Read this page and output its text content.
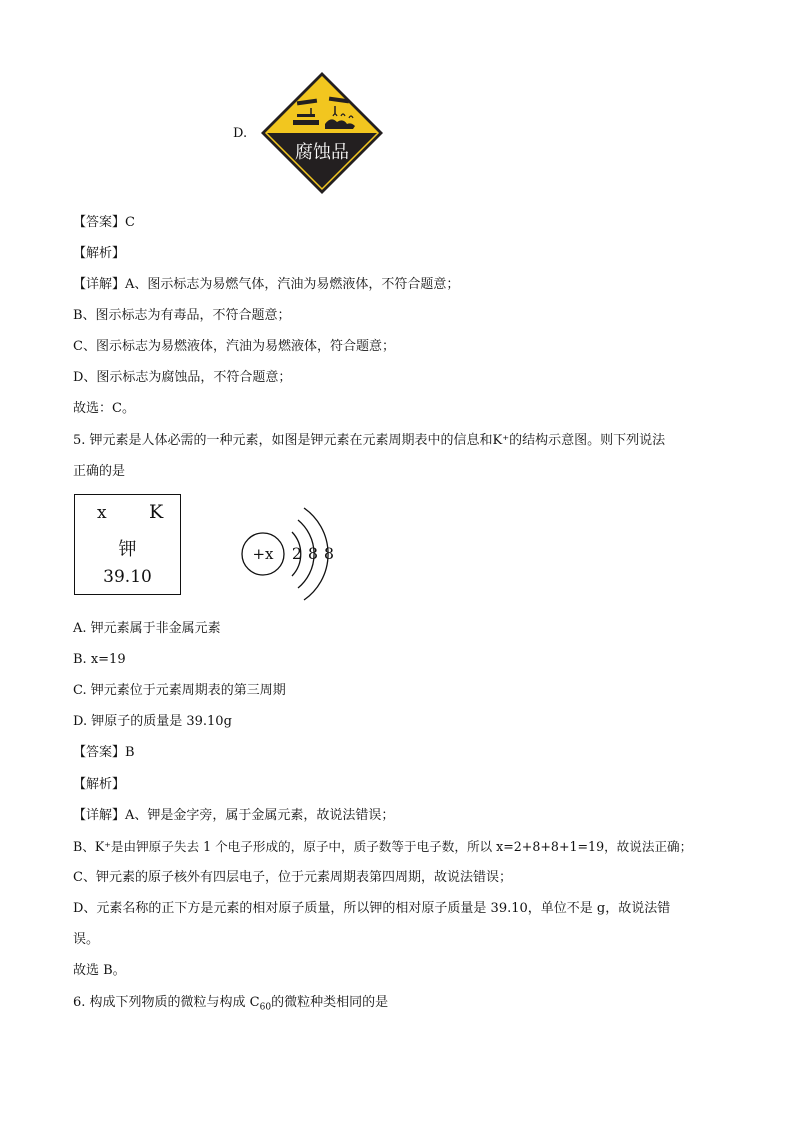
D.
腐蚀品
【答案】C
【解析】
【详解】A、图示标志为易燃气体，汽油为易燃液体，不符合题意；
B、图示标志为有毒品，不符合题意；
C、图示标志为易燃液体，汽油为易燃液体，符合题意；
D、图示标志为腐蚀品，不符合题意；
故选：C。
5. 钾元素是人体必需的一种元素，如图是钾元素在元素周期表中的信息和K⁺的结构示意图。则下列说法
正确的是
x K
钾
39.10
+x 2 8 8
A. 钾元素属于非金属元素
B. x=19
C. 钾元素位于元素周期表的第三周期
D. 钾原子的质量是 39.10g
【答案】B
【解析】
【详解】A、钾是金字旁，属于金属元素，故说法错误；
B、K⁺是由钾原子失去 1 个电子形成的，原子中，质子数等于电子数，所以 x=2+8+8+1=19，故说法正确；
C、钾元素的原子核外有四层电子，位于元素周期表第四周期，故说法错误；
D、元素名称的正下方是元素的相对原子质量，所以钾的相对原子质量是 39.10，单位不是 g，故说法错
误。
故选 B。
6. 构成下列物质的微粒与构成 $C_{60}$的微粒种类相同的是
